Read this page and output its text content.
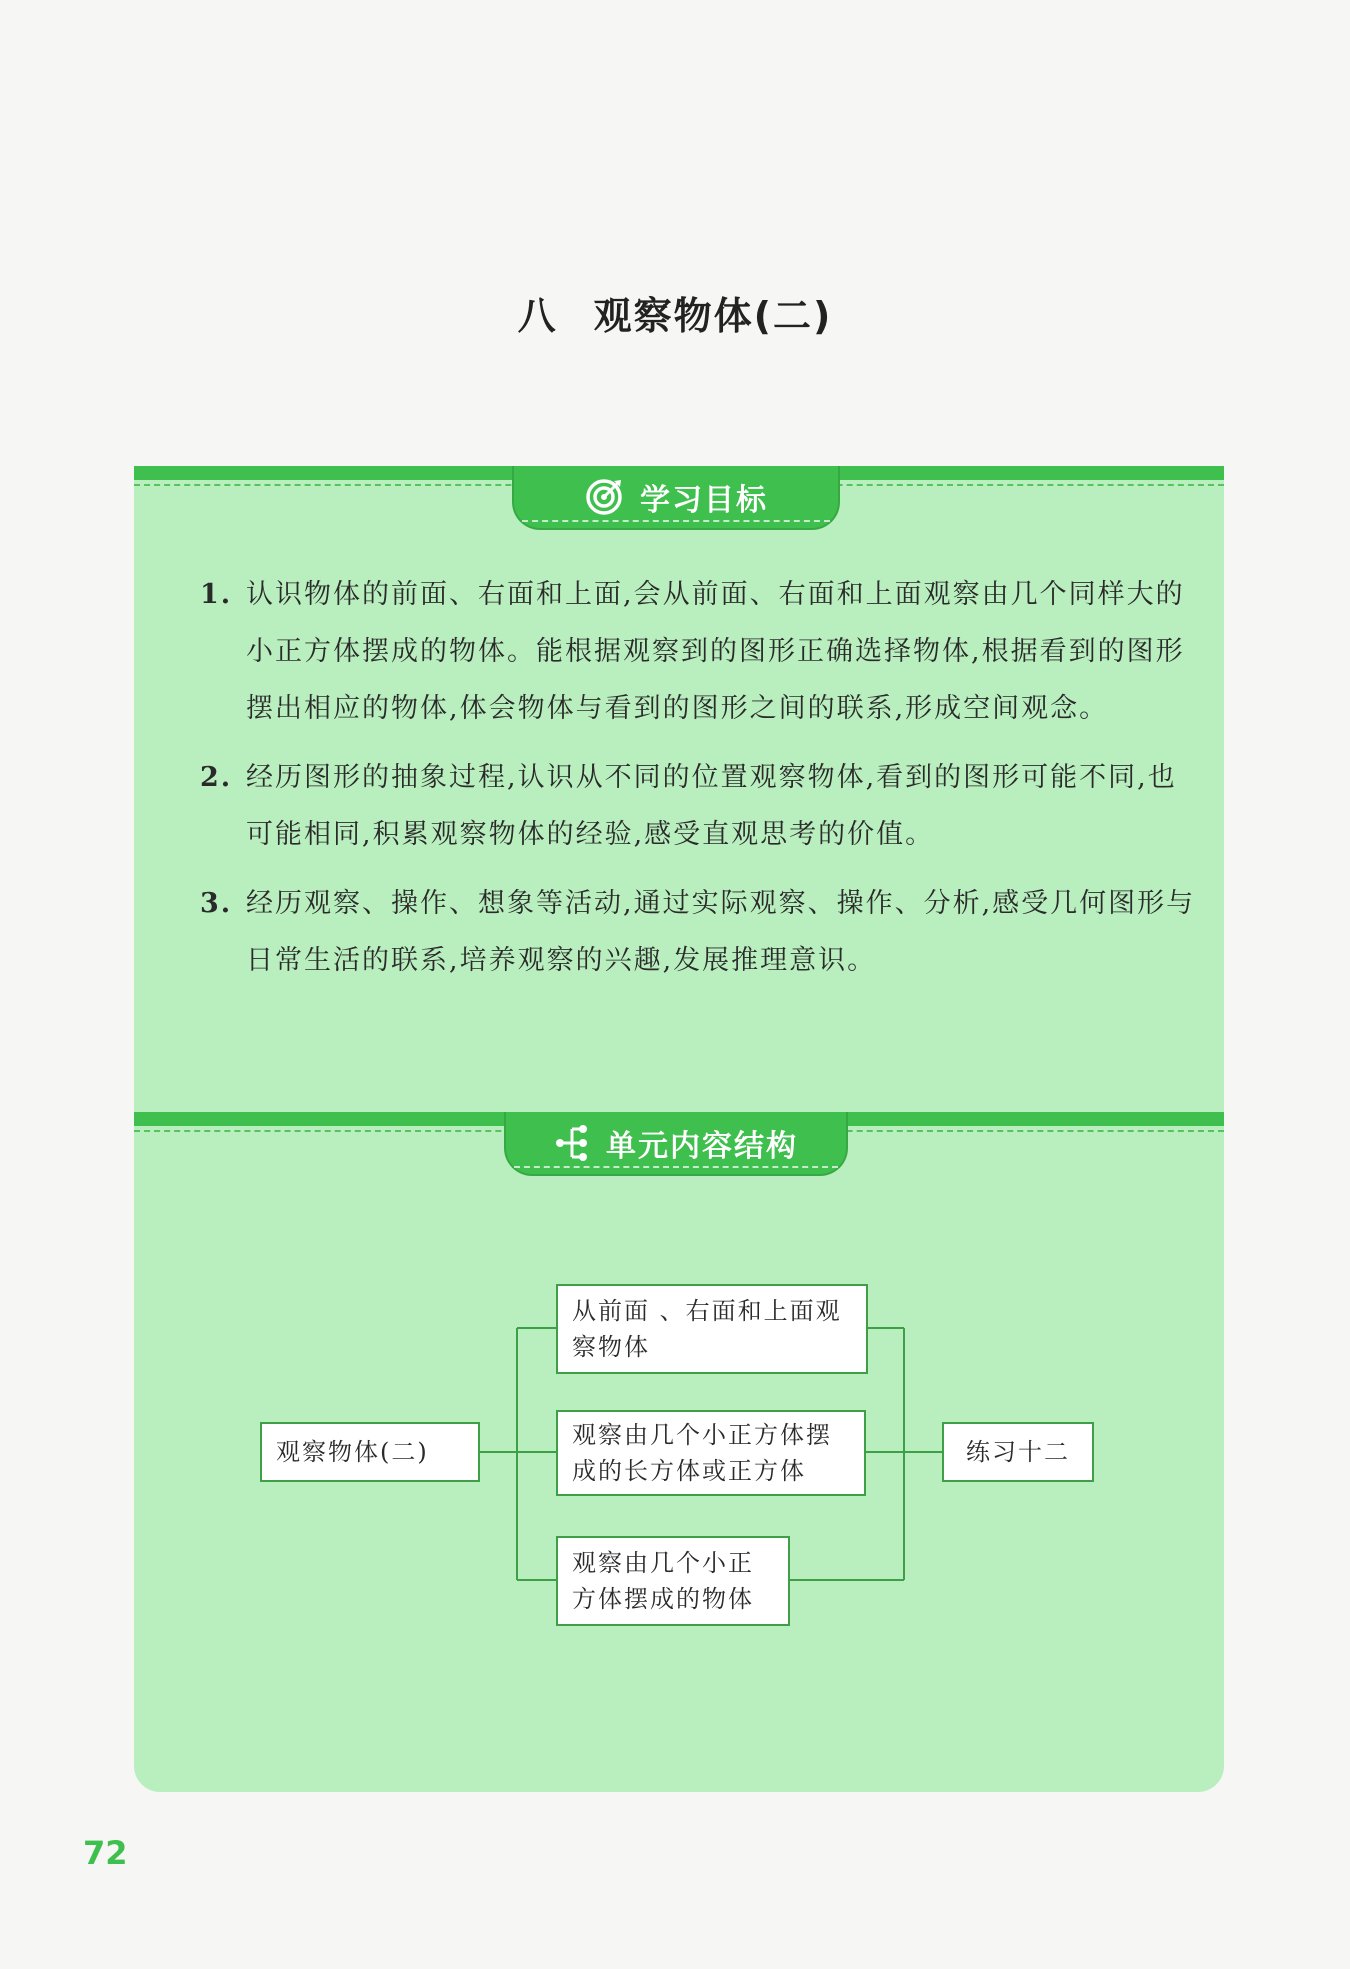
八 观察物体(二)
学习目标
1. 认识物体的前面、右面和上面,会从前面、右面和上面观察由几个同样大的小正方体摆成的物体。能根据观察到的图形正确选择物体,根据看到的图形摆出相应的物体,体会物体与看到的图形之间的联系,形成空间观念。
2. 经历图形的抽象过程,认识从不同的位置观察物体,看到的图形可能不同,也可能相同,积累观察物体的经验,感受直观思考的价值。
3. 经历观察、操作、想象等活动,通过实际观察、操作、分析,感受几何图形与日常生活的联系,培养观察的兴趣,发展推理意识。
单元内容结构
观察物体(二)
从前面 、右面和上面观察物体
观察由几个小正方体摆成的长方体或正方体
观察由几个小正方体摆成的物体
练习十二
72
